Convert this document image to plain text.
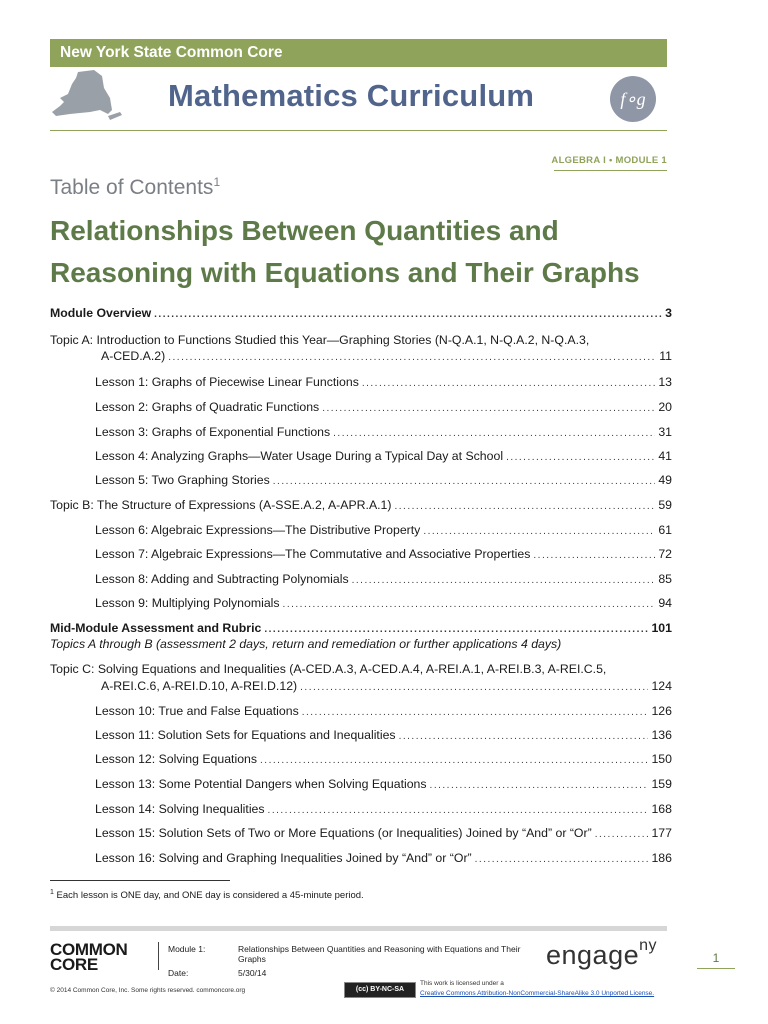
New York State Common Core
Mathematics Curriculum	f∘g
ALGEBRA I • MODULE 1
Table of Contents$^1$
Relationships Between Quantities and
Reasoning with Equations and Their Graphs
Module Overview .....	3
Topic A: Introduction to Functions Studied this Year—Graphing Stories (N-Q.A.1, N-Q.A.2, N-Q.A.3,
A-CED.A.2) .....	11
Lesson 1: Graphs of Piecewise Linear Functions .....	13
Lesson 2: Graphs of Quadratic Functions .....	20
Lesson 3: Graphs of Exponential Functions .....	31
Lesson 4: Analyzing Graphs—Water Usage During a Typical Day at School .....	41
Lesson 5: Two Graphing Stories .....	49
Topic B: The Structure of Expressions (A-SSE.A.2, A-APR.A.1) .....	59
Lesson 6: Algebraic Expressions—The Distributive Property .....	61
Lesson 7: Algebraic Expressions—The Commutative and Associative Properties .....	72
Lesson 8: Adding and Subtracting Polynomials .....	85
Lesson 9: Multiplying Polynomials .....	94
Mid-Module Assessment and Rubric .....	101
Topics A through B (assessment 2 days, return and remediation or further applications 4 days)
Topic C: Solving Equations and Inequalities (A-CED.A.3, A-CED.A.4, A-REI.A.1, A-REI.B.3, A-REI.C.5,
A-REI.C.6, A-REI.D.10, A-REI.D.12) .....	124
Lesson 10: True and False Equations .....	126
Lesson 11: Solution Sets for Equations and Inequalities .....	136
Lesson 12: Solving Equations .....	150
Lesson 13: Some Potential Dangers when Solving Equations .....	159
Lesson 14: Solving Inequalities .....	168
Lesson 15: Solution Sets of Two or More Equations (or Inequalities) Joined by “And” or “Or” .....	177
Lesson 16: Solving and Graphing Inequalities Joined by “And” or “Or” .....	186
$^1$ Each lesson is ONE day, and ONE day is considered a 45-minute period.
COMMON
CORE
Module 1:	Relationships Between Quantities and Reasoning with Equations and Their Graphs
Date:	5/30/14
engage$^{ny}$
1
© 2014 Common Core, Inc. Some rights reserved. commoncore.org	(cc) BY-NC-SA
This work is licensed under a
Creative Commons Attribution-NonCommercial-ShareAlike 3.0 Unported License.
